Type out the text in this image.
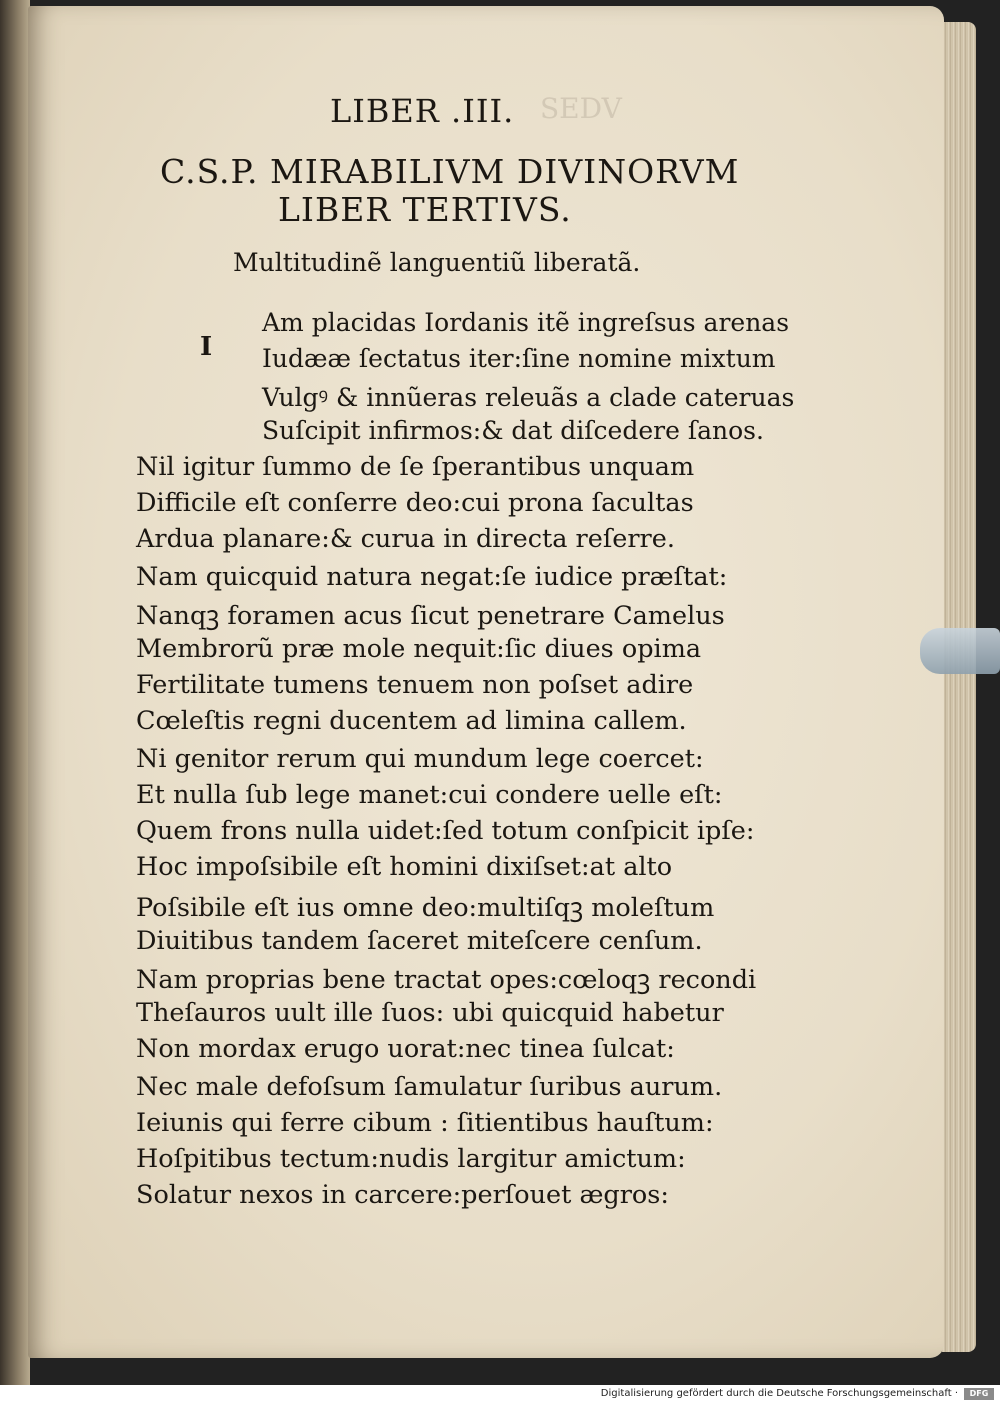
SEDV
LIBER .III.
C.S.P. MIRABILIVM DIVINORVM
LIBER TERTIVS.
Multitudinẽ languentiũ liberatã.
I
Am placidas Iordanis itẽ ingreſsus arenas
Iudææ ſectatus iter:ſine nomine mixtum
Vulgꝰ & innũeras releuãs a clade cateruas
Suſcipit infirmos:& dat diſcedere ſanos.
Nil igitur ſummo de ſe ſperantibus unquam
Difficile eſt conſerre deo:cui prona ſacultas
Ardua planare:& curua in directa reſerre.
Nam quicquid natura negat:ſe iudice præſtat:
Nanqꝫ foramen acus ſicut penetrare Camelus
Membrorũ præ mole nequit:ſic diues opima
Fertilitate tumens tenuem non poſset adire
Cœleſtis regni ducentem ad limina callem.
Ni genitor rerum qui mundum lege coercet:
Et nulla ſub lege manet:cui condere uelle eſt:
Quem frons nulla uidet:ſed totum conſpicit ipſe:
Hoc impoſsibile eſt homini dixiſset:at alto
Poſsibile eſt ius omne deo:multiſqꝫ moleſtum
Diuitibus tandem ſaceret miteſcere cenſum.
Nam proprias bene tractat opes:cœloqꝫ recondi
Theſauros uult ille ſuos: ubi quicquid habetur
Non mordax erugo uorat:nec tinea ſulcat:
Nec male defoſsum ſamulatur ſuribus aurum.
Ieiunis qui ferre cibum : ſitientibus hauſtum:
Hoſpitibus tectum:nudis largitur amictum:
Solatur nexos in carcere:perſouet ægros:
Digitalisierung gefördert durch die Deutsche Forschungsgemeinschaft ·	DFG
